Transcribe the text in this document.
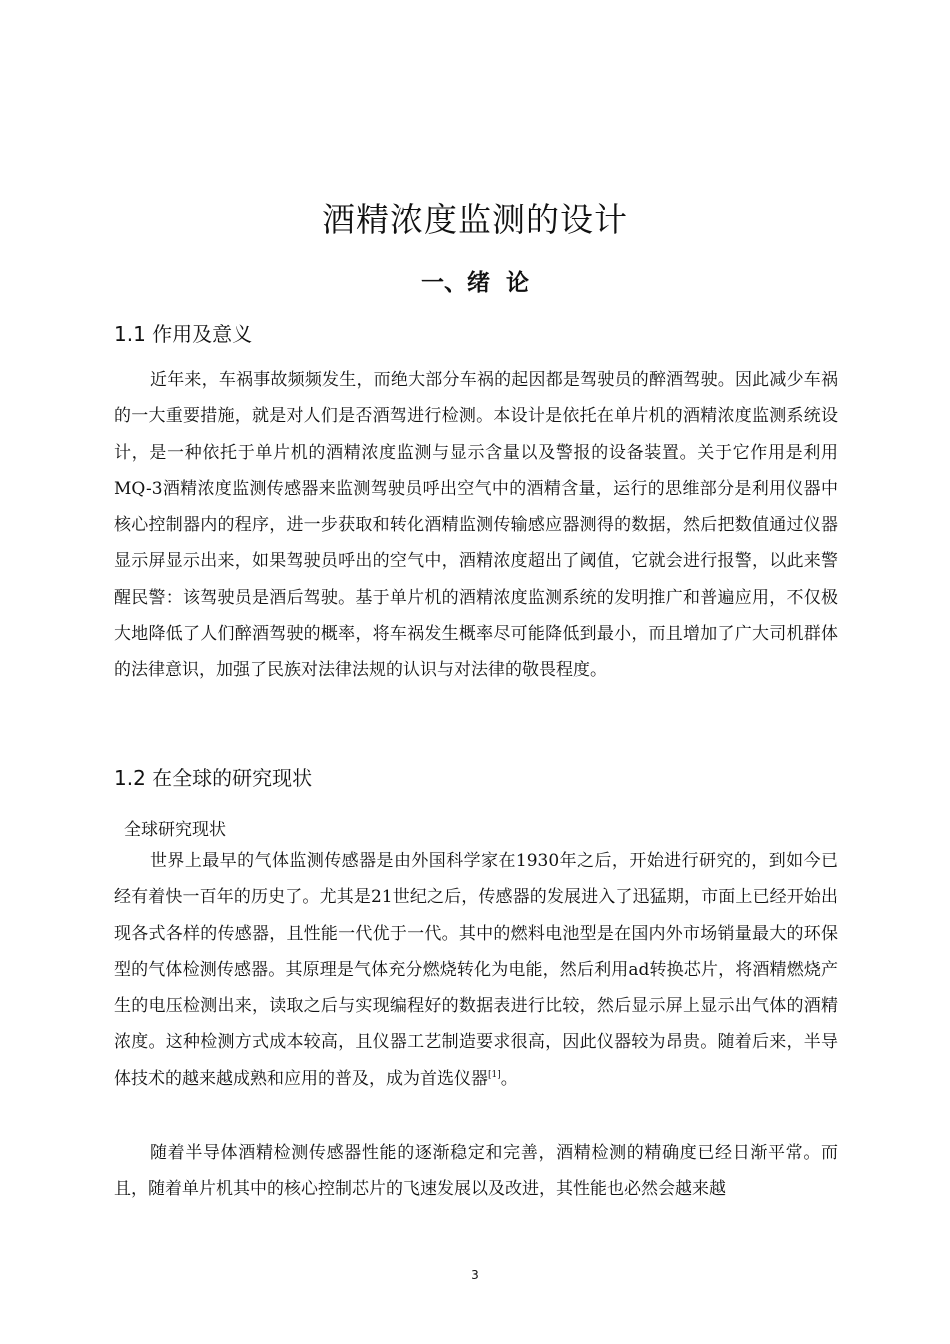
酒精浓度监测的设计
一、绪 论
1.1 作用及意义

近年来，车祸事故频频发生，而绝大部分车祸的起因都是驾驶员的醉酒驾驶。因此减少车祸的一大重要措施，就是对人们是否酒驾进行检测。本设计是依托在单片机的酒精浓度监测系统设计，是一种依托于单片机的酒精浓度监测与显示含量以及警报的设备装置。关于它作用是利用MQ-3酒精浓度监测传感器来监测驾驶员呼出空气中的酒精含量，运行的思维部分是利用仪器中核心控制器内的程序，进一步获取和转化酒精监测传输感应器测得的数据，然后把数值通过仪器显示屏显示出来，如果驾驶员呼出的空气中，酒精浓度超出了阈值，它就会进行报警，以此来警醒民警：该驾驶员是酒后驾驶。基于单片机的酒精浓度监测系统的发明推广和普遍应用，不仅极大地降低了人们醉酒驾驶的概率，将车祸发生概率尽可能降低到最小，而且增加了广大司机群体的法律意识，加强了民族对法律法规的认识与对法律的敬畏程度。

1.2 在全球的研究现状
全球研究现状

世界上最早的气体监测传感器是由外国科学家在1930年之后，开始进行研究的，到如今已经有着快一百年的历史了。尤其是21世纪之后，传感器的发展进入了迅猛期，市面上已经开始出现各式各样的传感器，且性能一代优于一代。其中的燃料电池型是在国内外市场销量最大的环保型的气体检测传感器。其原理是气体充分燃烧转化为电能，然后利用ad转换芯片，将酒精燃烧产生的电压检测出来，读取之后与实现编程好的数据表进行比较，然后显示屏上显示出气体的酒精浓度。这种检测方式成本较高，且仪器工艺制造要求很高，因此仪器较为昂贵。随着后来，半导体技术的越来越成熟和应用的普及，成为首选仪器[1]。

随着半导体酒精检测传感器性能的逐渐稳定和完善，酒精检测的精确度已经日渐平常。而且，随着单片机其中的核心控制芯片的飞速发展以及改进，其性能也必然会越来越

3
